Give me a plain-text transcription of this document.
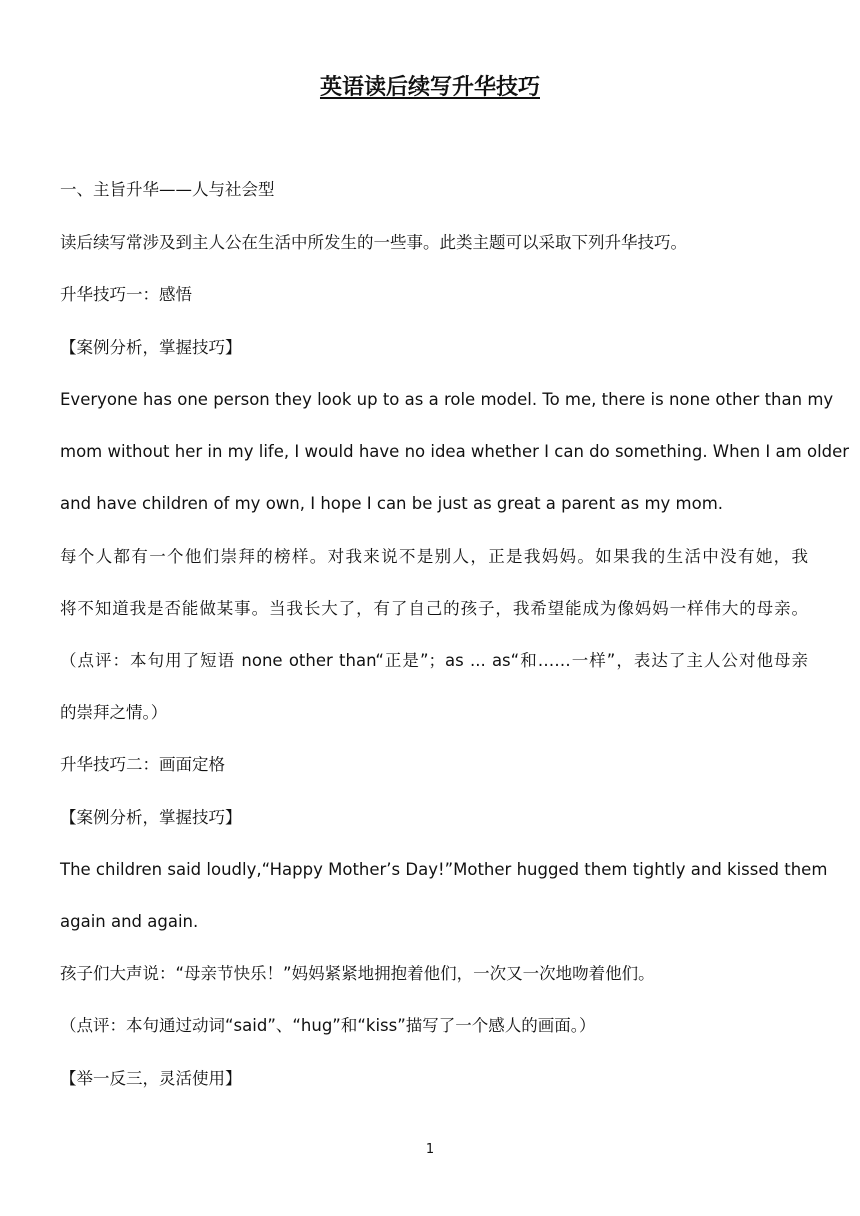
英语读后续写升华技巧

一、主旨升华——人与社会型

读后续写常涉及到主人公在生活中所发生的一些事。此类主题可以采取下列升华技巧。

升华技巧一：感悟

【案例分析，掌握技巧】

Everyone has one person they look up to as a role model. To me, there is none other than my

mom without her in my life, I would have no idea whether I can do something. When I am older

and have children of my own, I hope I can be just as great a parent as my mom.

每个人都有一个他们崇拜的榜样。对我来说不是别人，正是我妈妈。如果我的生活中没有她，我

将不知道我是否能做某事。当我长大了，有了自己的孩子，我希望能成为像妈妈一样伟大的母亲。

（点评：本句用了短语 none other than“正是”；as ... as“和……一样”，表达了主人公对他母亲

的崇拜之情。）

升华技巧二：画面定格

【案例分析，掌握技巧】

The children said loudly,“Happy Mother’s Day!”Mother hugged them tightly and kissed them

again and again.

孩子们大声说：“母亲节快乐！”妈妈紧紧地拥抱着他们，一次又一次地吻着他们。

（点评：本句通过动词“said”、“hug”和“kiss”描写了一个感人的画面。）

【举一反三，灵活使用】

1
